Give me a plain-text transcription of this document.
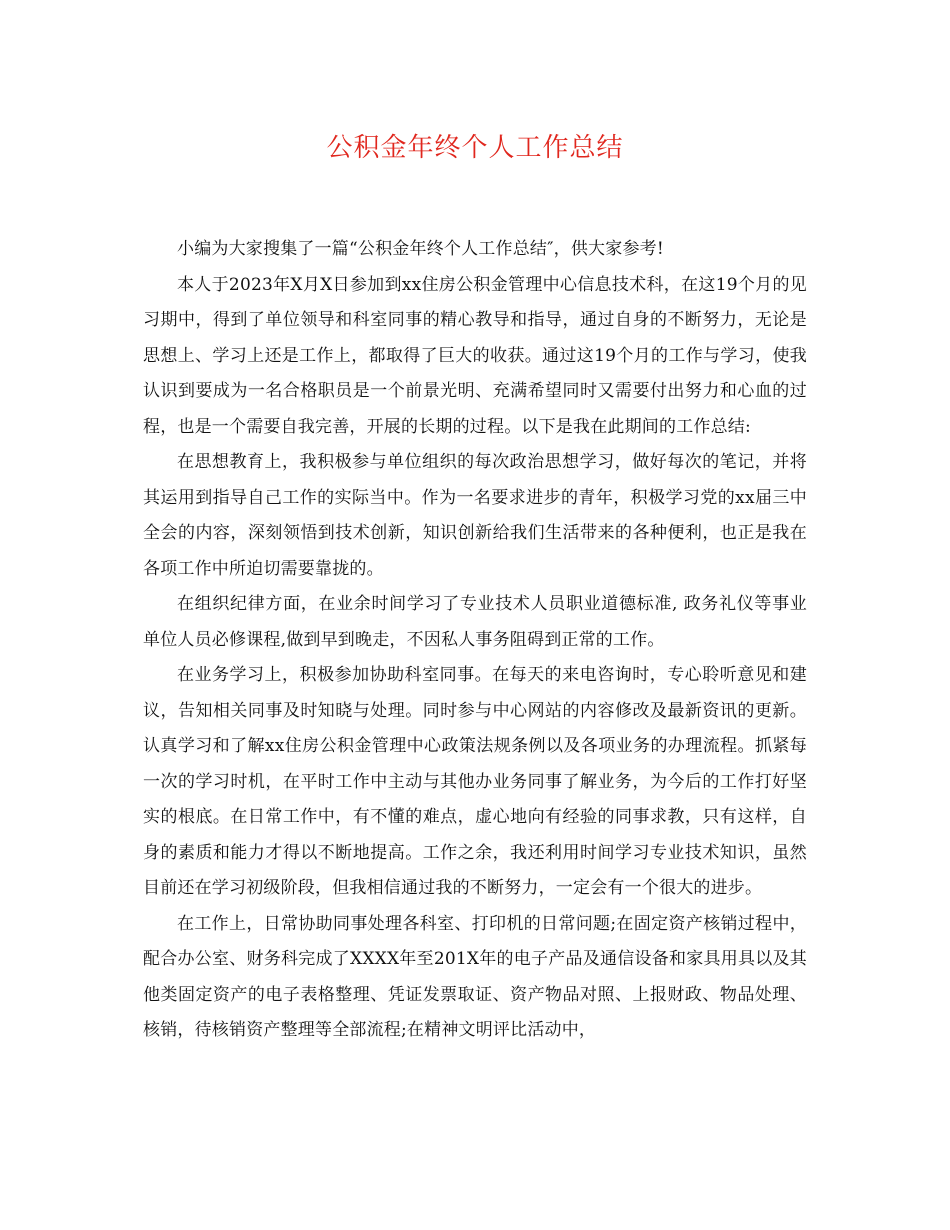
公积金年终个人工作总结

小编为大家搜集了一篇“公积金年终个人工作总结″，供大家参考!

本人于2023年X月X日参加到xx住房公积金管理中心信息技术科，在这19个月的见习期中，得到了单位领导和科室同事的精心教导和指导，通过自身的不断努力，无论是思想上、学习上还是工作上，都取得了巨大的收获。通过这19个月的工作与学习，使我认识到要成为一名合格职员是一个前景光明、充满希望同时又需要付出努力和心血的过程，也是一个需要自我完善，开展的长期的过程。以下是我在此期间的工作总结:

在思想教育上，我积极参与单位组织的每次政治思想学习，做好每次的笔记，并将其运用到指导自己工作的实际当中。作为一名要求进步的青年，积极学习党的xx届三中全会的内容，深刻领悟到技术创新，知识创新给我们生活带来的各种便利，也正是我在各项工作中所迫切需要靠拢的。

在组织纪律方面，在业余时间学习了专业技术人员职业道德标准, 政务礼仪等事业单位人员必修课程,做到早到晚走，不因私人事务阻碍到正常的工作。

在业务学习上，积极参加协助科室同事。在每天的来电咨询时，专心聆听意见和建议，告知相关同事及时知晓与处理。同时参与中心网站的内容修改及最新资讯的更新。认真学习和了解xx住房公积金管理中心政策法规条例以及各项业务的办理流程。抓紧每一次的学习时机，在平时工作中主动与其他办业务同事了解业务，为今后的工作打好坚实的根底。在日常工作中，有不懂的难点，虚心地向有经验的同事求教，只有这样，自身的素质和能力才得以不断地提高。工作之余，我还利用时间学习专业技术知识，虽然目前还在学习初级阶段，但我相信通过我的不断努力，一定会有一个很大的进步。

在工作上，日常协助同事处理各科室、打印机的日常问题;在固定资产核销过程中，配合办公室、财务科完成了XXXX年至201X年的电子产品及通信设备和家具用具以及其他类固定资产的电子表格整理、凭证发票取证、资产物品对照、上报财政、物品处理、核销，待核销资产整理等全部流程;在精神文明评比活动中，
